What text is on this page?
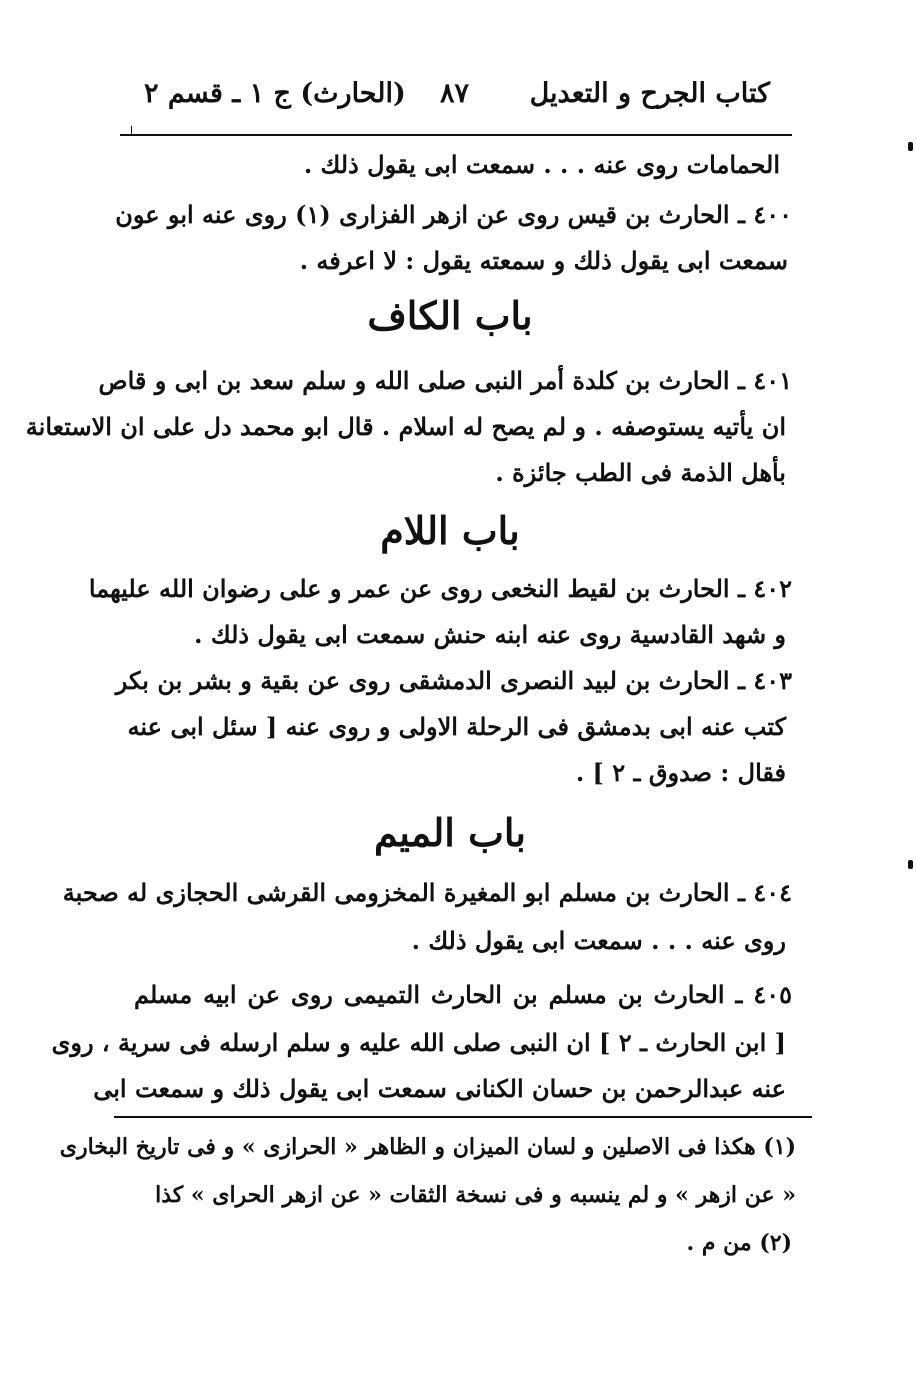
كتاب الجرح و التعديل
٨٧
(الحارث) ج ١ ـ قسم ٢
الحمامات روى عنه . . . سمعت ابى يقول ذلك .
٤٠٠ ـ الحارث بن قيس روى عن ازهر الفزارى (١) روى عنه ابو عون
سمعت ابى يقول ذلك و سمعته يقول : لا اعرفه .
باب الكاف
٤٠١ ـ الحارث بن كلدة أمر النبى صلى الله و سلم سعد بن ابى و قاص
ان يأتيه يستوصفه . و لم يصح له اسلام . قال ابو محمد دل على ان الاستعانة
بأهل الذمة فى الطب جائزة .
باب اللام
٤٠٢ ـ الحارث بن لقيط النخعى روى عن عمر و على رضوان الله عليهما
و شهد القادسية روى عنه ابنه حنش سمعت ابى يقول ذلك .
٤٠٣ ـ الحارث بن لبيد النصرى الدمشقى روى عن بقية و بشر بن بكر
كتب عنه ابى بدمشق فى الرحلة الاولى و روى عنه [ سئل ابى عنه
فقال : صدوق ـ ٢ ] .
باب الميم
٤٠٤ ـ الحارث بن مسلم ابو المغيرة المخزومى القرشى الحجازى له صحبة
روى عنه . . . سمعت ابى يقول ذلك .
٤٠٥ ـ الحارث بن مسلم بن الحارث التميمى روى عن ابيه مسلم
[ ابن الحارث ـ ٢ ] ان النبى صلى الله عليه و سلم ارسله فى سرية ، روى
عنه عبدالرحمن بن حسان الكنانى سمعت ابى يقول ذلك و سمعت ابى
(١) هكذا فى الاصلين و لسان الميزان و الظاهر « الحرازى » و فى تاريخ البخارى
« عن ازهر » و لم ينسبه و فى نسخة الثقات « عن ازهر الحراى » كذا
(٢) من م .
